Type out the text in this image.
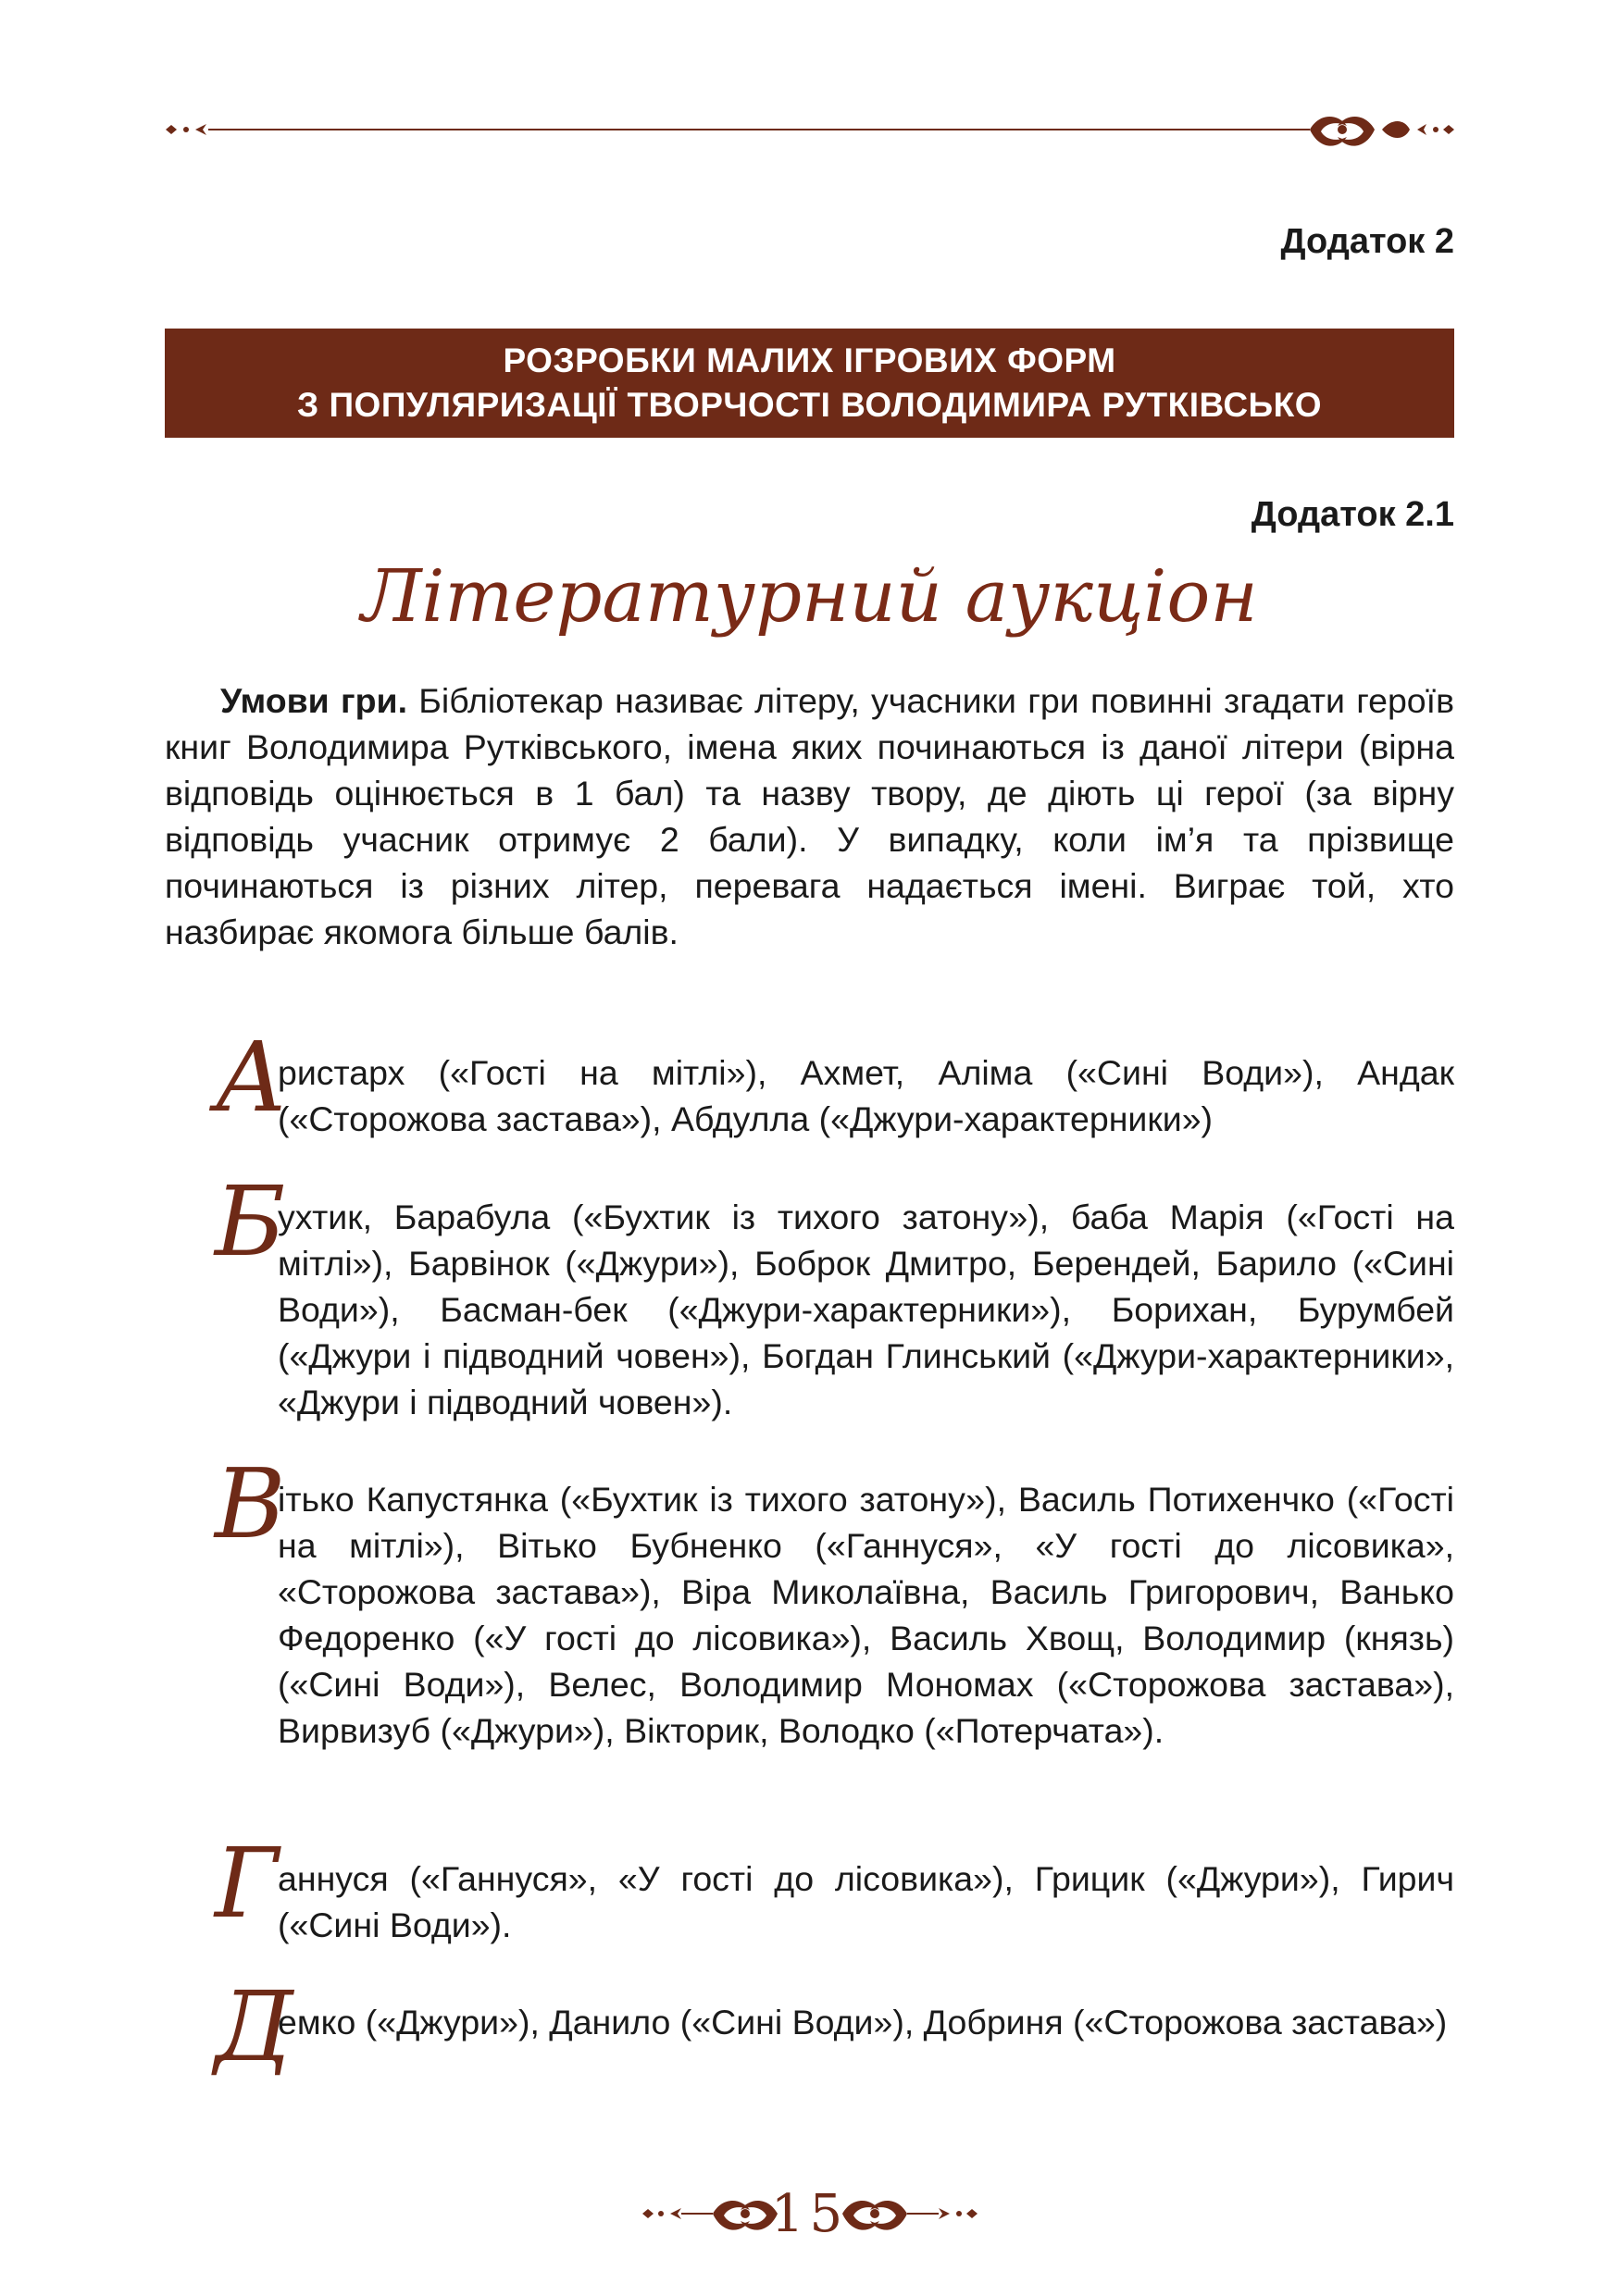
Додаток 2
РОЗРОБКИ МАЛИХ ІГРОВИХ ФОРМ
З ПОПУЛЯРИЗАЦІЇ ТВОРЧОСТІ ВОЛОДИМИРА РУТКІВСЬКО
Додаток 2.1
Літературний аукціон

Умови гри. Бібліотекар називає літеру, учасники гри повинні згадати героїв книг Володимира Рутківського, імена яких починаються із даної літери (вірна відповідь оцінюється в 1 бал) та назву твору, де діють ці герої (за вірну відповідь учасник отримує 2 бали). У випадку, коли ім’я та прізвище починаються із різних літер, перевага надається імені. Виграє той, хто назбирає якомога більше балів.

А

ристарх («Гості на мітлі»), Ахмет, Аліма («Сині Води»), Андак («Сторожова застава»), Абдулла («Джури-характерники»)

Б

ухтик, Барабула («Бухтик із тихого затону»), баба Марія («Гості на мітлі»), Барвінок («Джури»), Боброк Дмитро, Берендей, Барило («Сині Води»), Басман-бек («Джури-характерники»), Борихан, Бурумбей («Джури і підводний човен»), Богдан Глинський («Джури-характерники», «Джури і підводний човен»).

В

ітько Капустянка («Бухтик із тихого затону»), Василь Потихенчко («Гості на мітлі»), Вітько Бубненко («Ганнуся», «У гості до лісовика», «Сторожова застава»), Віра Миколаївна, Василь Григорович, Ванько Федоренко («У гості до лісовика»), Василь Хвощ, Володимир (князь) («Сині Води»), Велес, Володимир Мономах («Сторожова застава»), Вирвизуб («Джури»), Вікторик, Володко («Потерчата»).

Г аннуся («Ганнуся», «У гості до лісовика»), Грицик («Джури»), Гирич («Сині Води»).

Д

емко («Джури»), Данило («Сині Води»), Добриня («Сторожова застава»)

15
